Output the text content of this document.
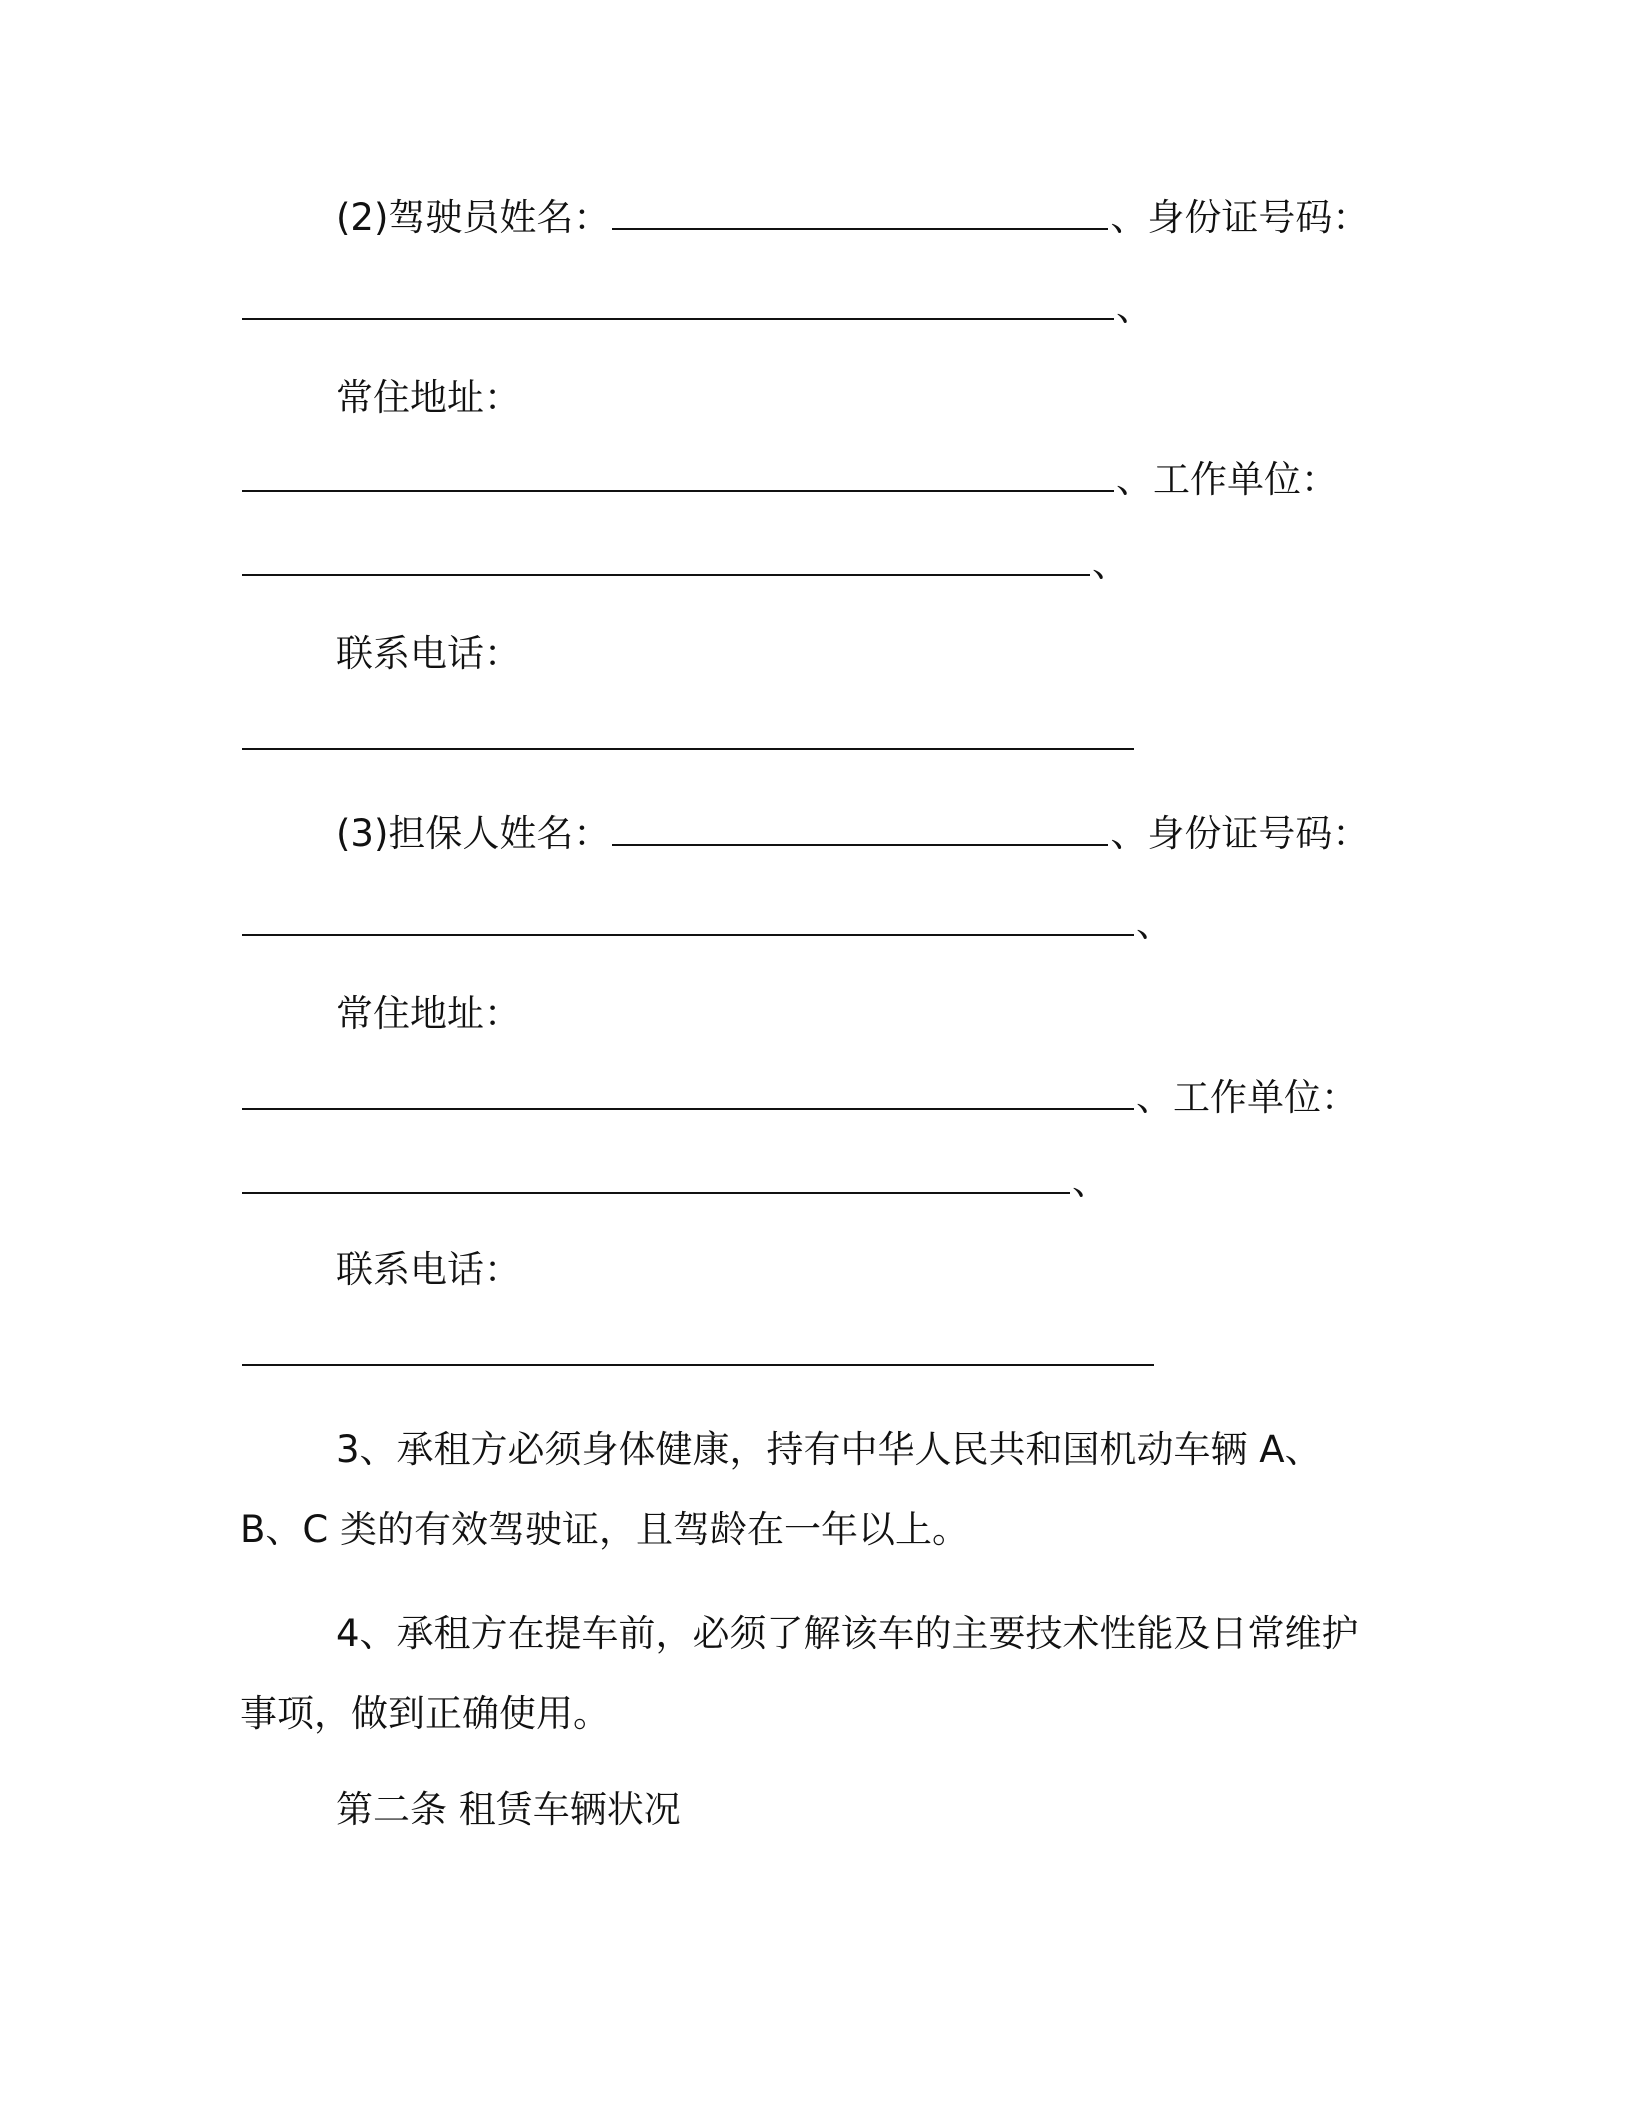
(2)驾驶员姓名：	、身份证号码：
、
常住地址：
、工作单位：
、
联系电话：
(3)担保人姓名：	、身份证号码：
、
常住地址：
、工作单位：
、
联系电话：
3、承租方必须身体健康，持有中华人民共和国机动车辆 A、B、C 类的有效驾驶证，且驾龄在一年以上。
4、承租方在提车前，必须了解该车的主要技术性能及日常维护事项，做到正确使用。
第二条 租赁车辆状况
